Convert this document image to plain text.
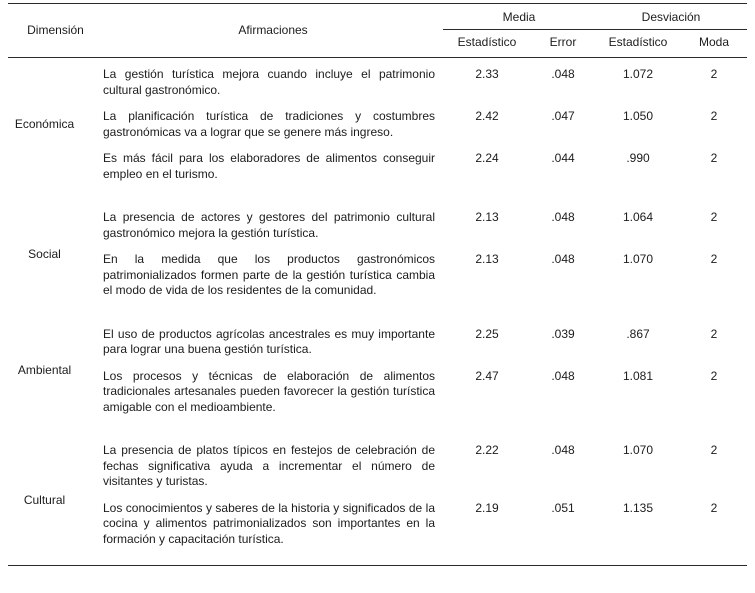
Dimensión	Afirmaciones	Media		Desviación	
		Estadístico	Error	Estadístico	Moda
Económica	La gestión turística mejora cuando incluye el patrimonio cultural gastronómico.	2.33	.048	1.072	2
	La planificación turística de tradiciones y costumbres gastronómicas va a lograr que se genere más ingreso.	2.42	.047	1.050	2
	Es más fácil para los elaboradores de alimentos conseguir empleo en el turismo.	2.24	.044	.990	2
Social	La presencia de actores y gestores del patrimonio cultural gastronómico mejora la gestión turística.	2.13	.048	1.064	2
	En la medida que los productos gastronómicos patrimonializados formen parte de la gestión turística cambia el modo de vida de los residentes de la comunidad.	2.13	.048	1.070	2
Ambiental	El uso de productos agrícolas ancestrales es muy importante para lograr una buena gestión turística.	2.25	.039	.867	2
	Los procesos y técnicas de elaboración de alimentos tradicionales artesanales pueden favorecer la gestión turística amigable con el medioambiente.	2.47	.048	1.081	2
Cultural	La presencia de platos típicos en festejos de celebración de fechas significativa ayuda a incrementar el número de visitantes y turistas.	2.22	.048	1.070	2
	Los conocimientos y saberes de la historia y significados de la cocina y alimentos patrimonializados son importantes en la formación y capacitación turística.	2.19	.051	1.135	2
